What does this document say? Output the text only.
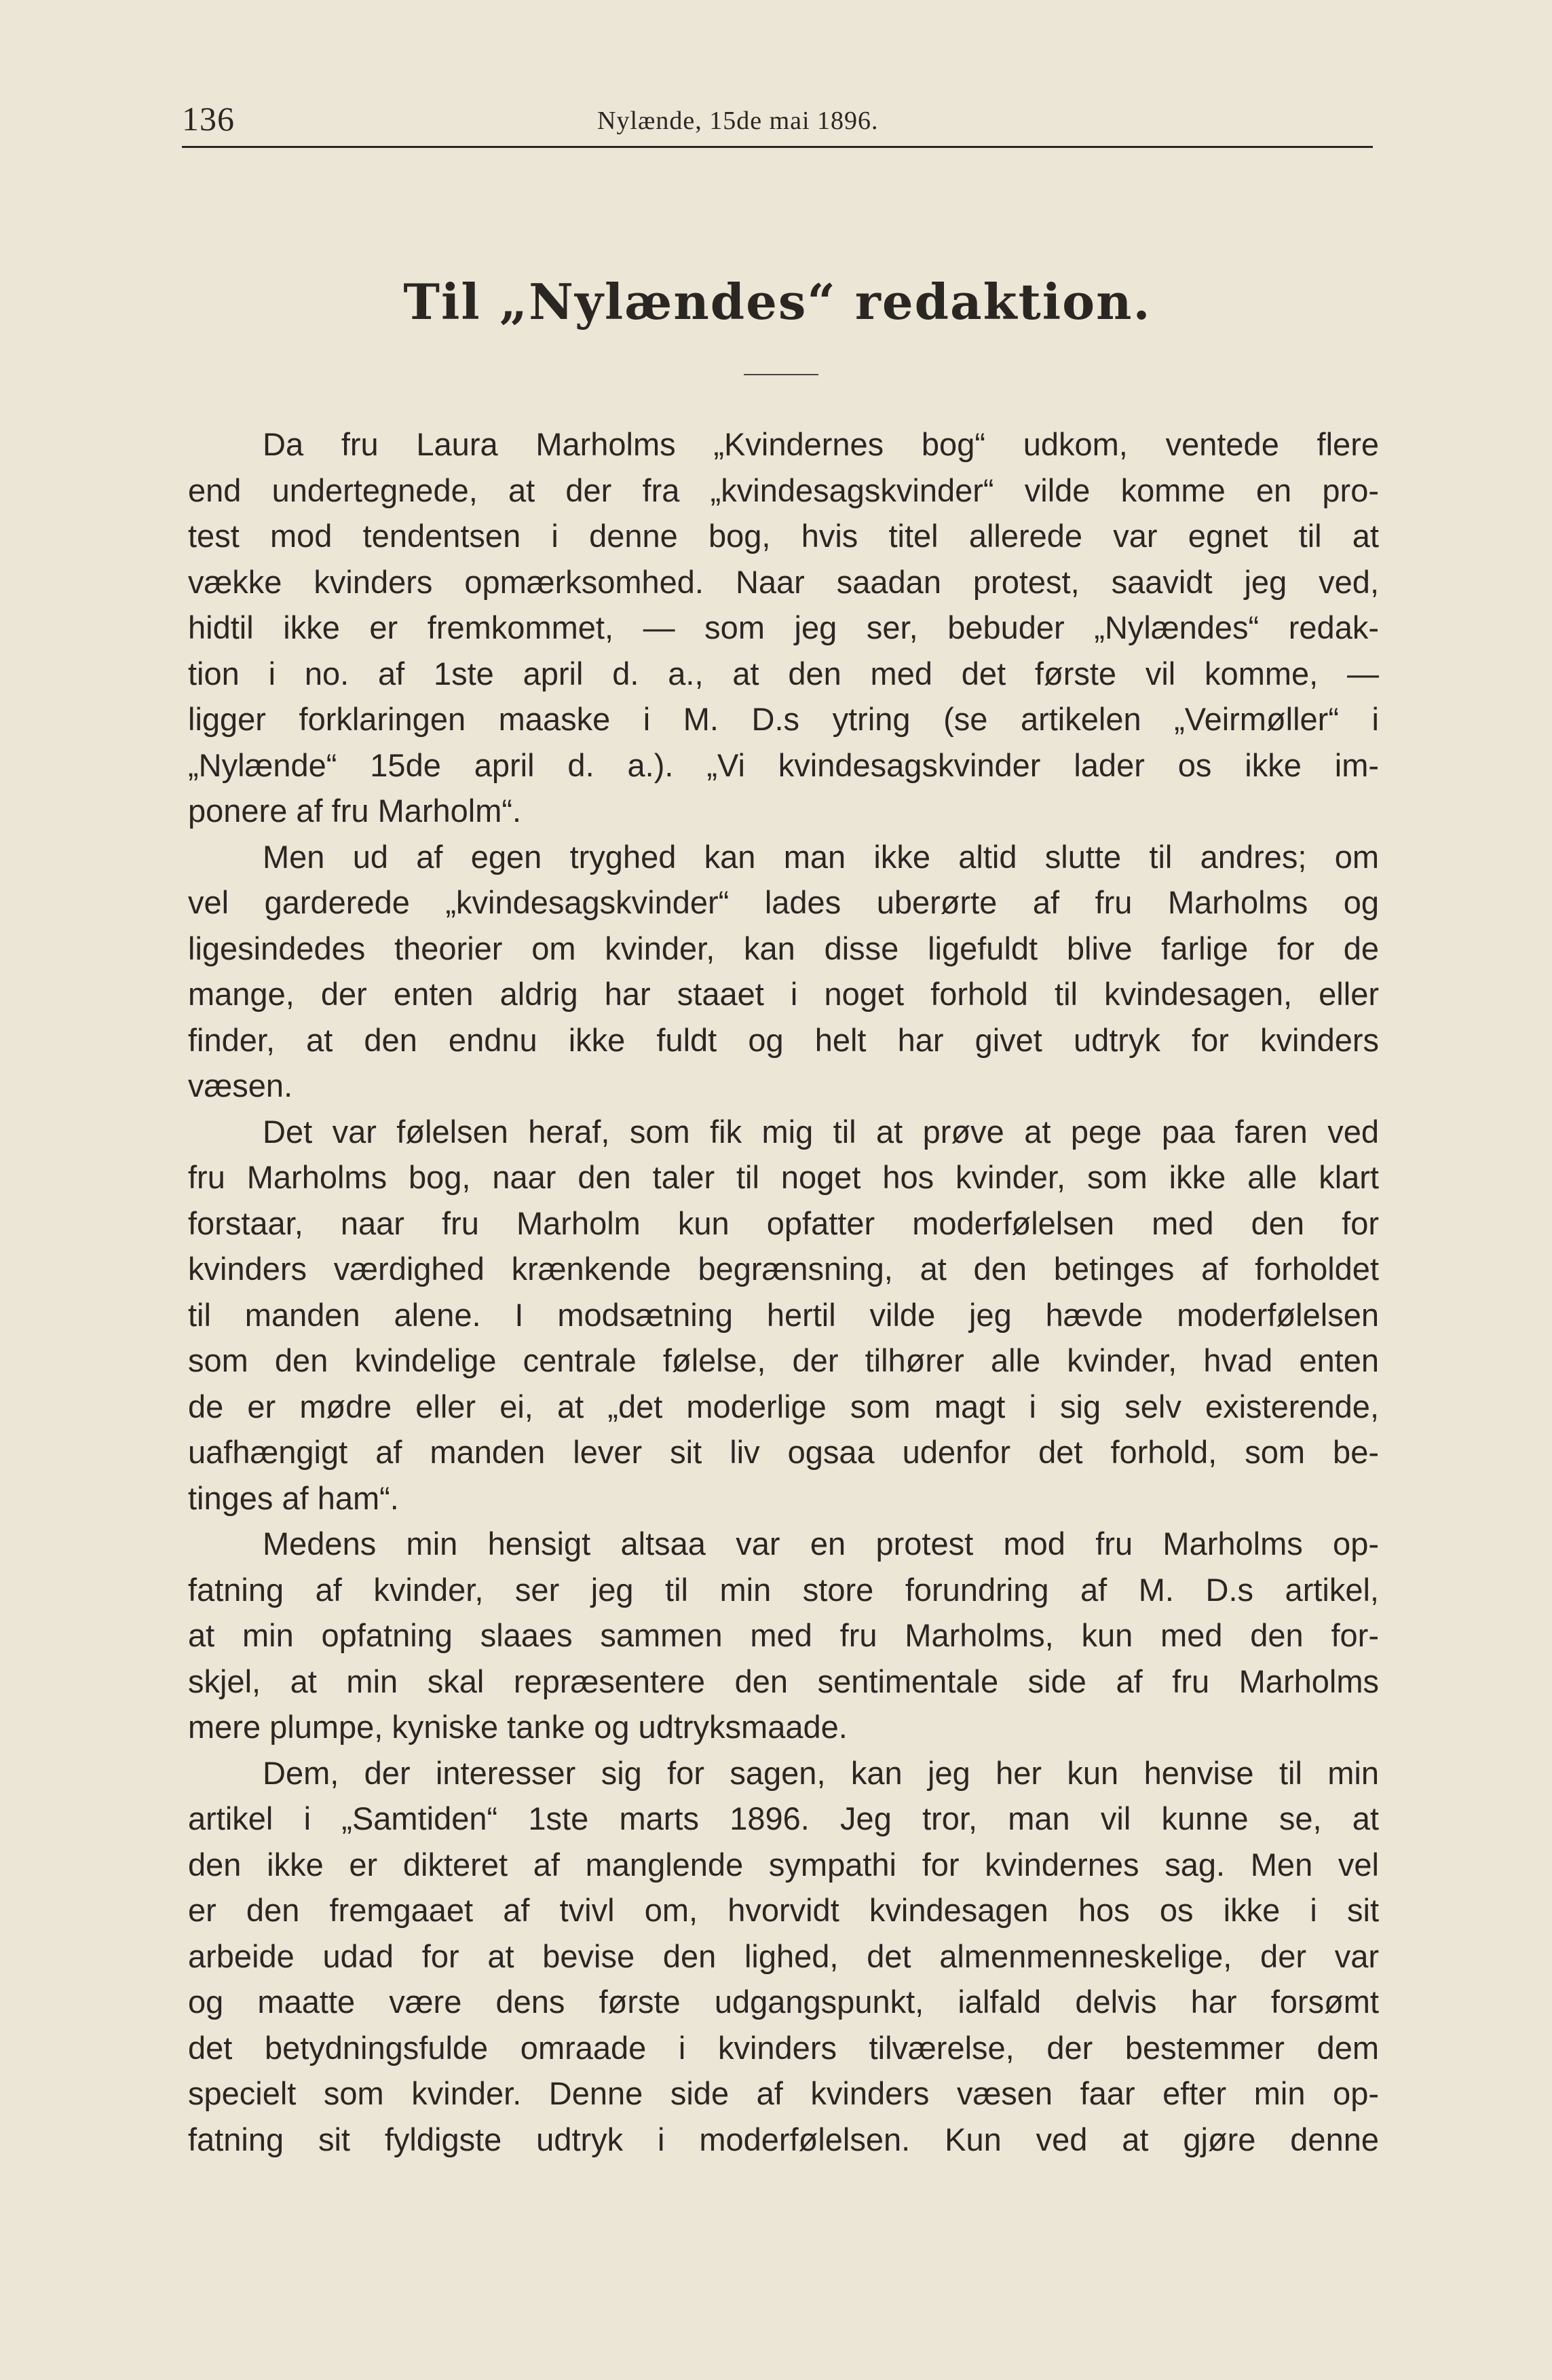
136	Nylænde, 15de mai 1896.
Til „Nylændes“ redaktion.
Da fru Laura Marholms „Kvindernes bog“ udkom, ventede flere
end undertegnede, at der fra „kvindesagskvinder“ vilde komme en pro-
test mod tendentsen i denne bog, hvis titel allerede var egnet til at
vække kvinders opmærksomhed. Naar saadan protest, saavidt jeg ved,
hidtil ikke er fremkommet, — som jeg ser, bebuder „Nylændes“ redak-
tion i no. af 1ste april d. a., at den med det første vil komme, —
ligger forklaringen maaske i M. D.s ytring (se artikelen „Veirmøller“ i
„Nylænde“ 15de april d. a.). „Vi kvindesagskvinder lader os ikke im-
ponere af fru Marholm“.
Men ud af egen tryghed kan man ikke altid slutte til andres; om
vel garderede „kvindesagskvinder“ lades uberørte af fru Marholms og
ligesindedes theorier om kvinder, kan disse ligefuldt blive farlige for de
mange, der enten aldrig har staaet i noget forhold til kvindesagen, eller
finder, at den endnu ikke fuldt og helt har givet udtryk for kvinders
væsen.
Det var følelsen heraf, som fik mig til at prøve at pege paa faren ved
fru Marholms bog, naar den taler til noget hos kvinder, som ikke alle klart
forstaar, naar fru Marholm kun opfatter moderfølelsen med den for
kvinders værdighed krænkende begrænsning, at den betinges af forholdet
til manden alene. I modsætning hertil vilde jeg hævde moderfølelsen
som den kvindelige centrale følelse, der tilhører alle kvinder, hvad enten
de er mødre eller ei, at „det moderlige som magt i sig selv existerende,
uafhængigt af manden lever sit liv ogsaa udenfor det forhold, som be-
tinges af ham“.
Medens min hensigt altsaa var en protest mod fru Marholms op-
fatning af kvinder, ser jeg til min store forundring af M. D.s artikel,
at min opfatning slaaes sammen med fru Marholms, kun med den for-
skjel, at min skal repræsentere den sentimentale side af fru Marholms
mere plumpe, kyniske tanke og udtryksmaade.
Dem, der interesser sig for sagen, kan jeg her kun henvise til min
artikel i „Samtiden“ 1ste marts 1896. Jeg tror, man vil kunne se, at
den ikke er dikteret af manglende sympathi for kvindernes sag. Men vel
er den fremgaaet af tvivl om, hvorvidt kvindesagen hos os ikke i sit
arbeide udad for at bevise den lighed, det almenmenneskelige, der var
og maatte være dens første udgangspunkt, ialfald delvis har forsømt
det betydningsfulde omraade i kvinders tilværelse, der bestemmer dem
specielt som kvinder. Denne side af kvinders væsen faar efter min op-
fatning sit fyldigste udtryk i moderfølelsen. Kun ved at gjøre denne
